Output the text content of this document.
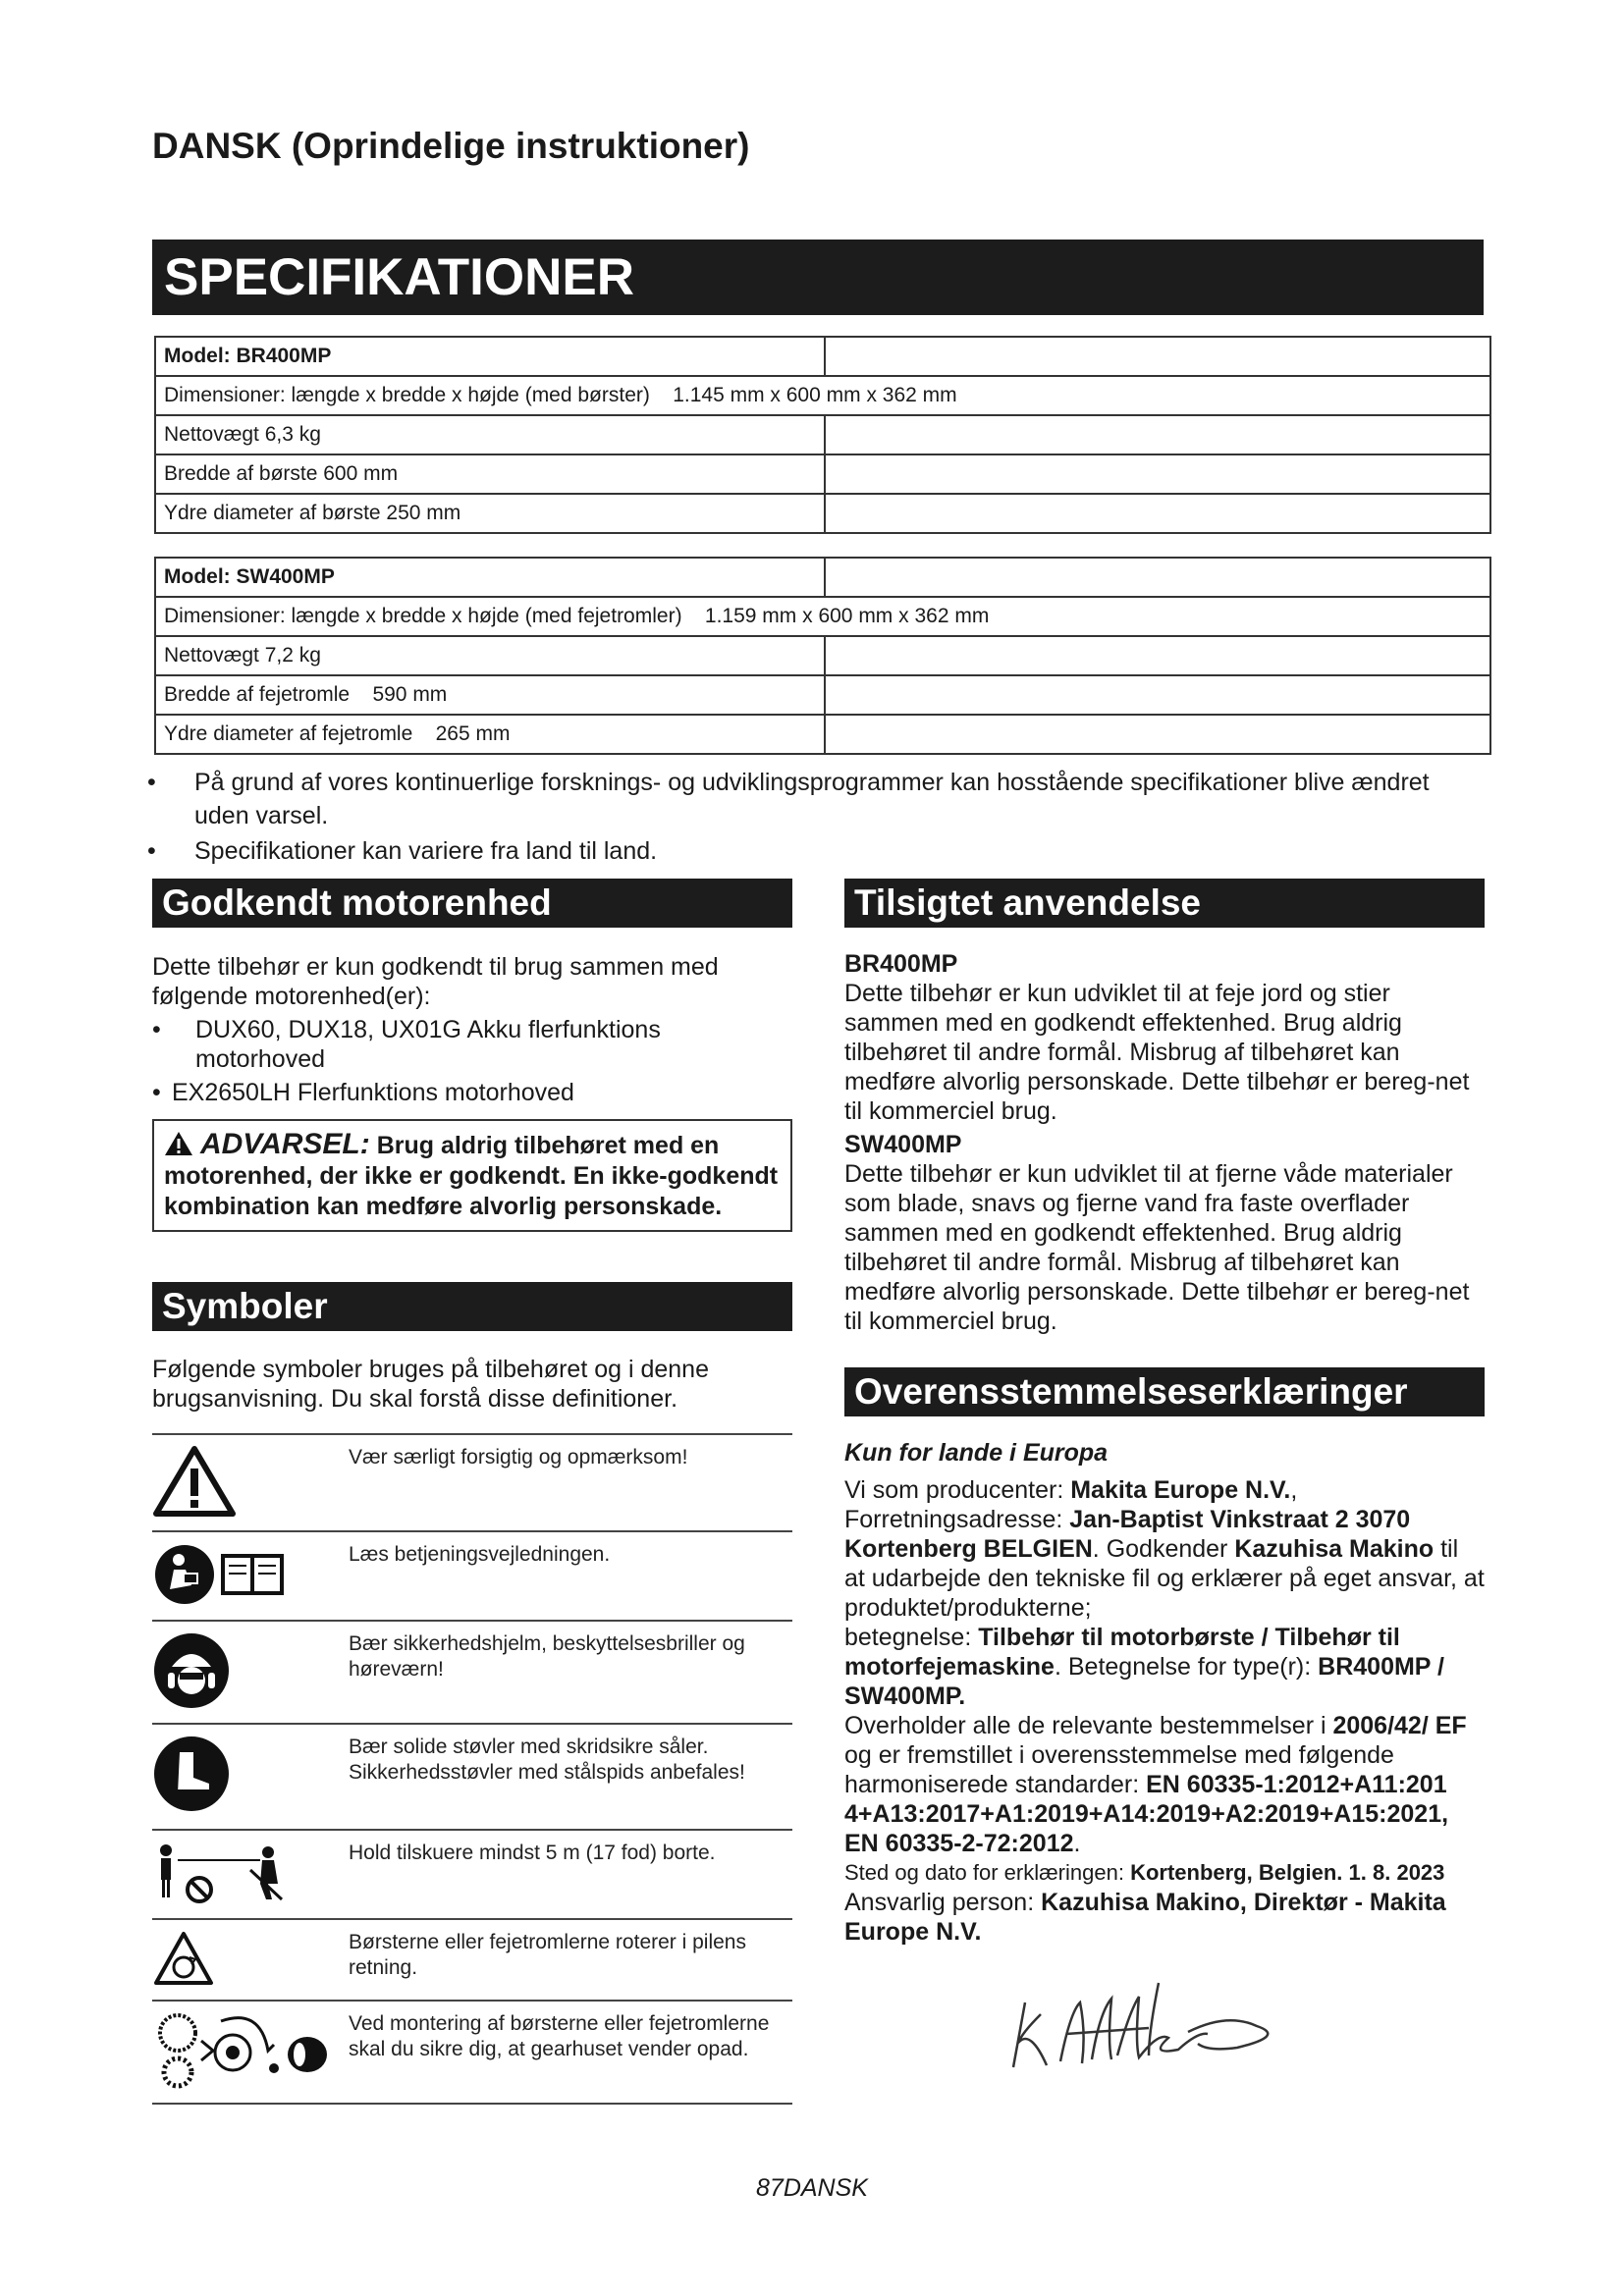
DANSK (Oprindelige instruktioner)
SPECIFIKATIONER
Model: BR400MP	
Dimensioner: længde x bredde x højde (med børster)    1.145 mm x 600 mm x 362 mm	
Nettovægt 6,3 kg	
Bredde af børste 600 mm	
Ydre diameter af børste 250 mm	
Model: SW400MP	
Dimensioner: længde x bredde x højde (med fejetromler)    1.159 mm x 600 mm x 362 mm	
Nettovægt 7,2 kg	
Bredde af fejetromle    590 mm	
Ydre diameter af fejetromle    265 mm	
• På grund af vores kontinuerlige forsknings- og udviklingsprogrammer kan hosstående specifikationer blive ændret uden varsel.
• Specifikationer kan variere fra land til land.
Godkendt motorenhed
Dette tilbehør er kun godkendt til brug sammen med følgende motorenhed(er):
• DUX60, DUX18, UX01G Akku flerfunktions motorhoved
• EX2650LH Flerfunktions motorhoved
ADVARSEL: Brug aldrig tilbehøret med en motorenhed, der ikke er godkendt. En ikke-godkendt kombination kan medføre alvorlig personskade.
Symboler
Følgende symboler bruges på tilbehøret og i denne brugsanvisning. Du skal forstå disse definitioner.
	Vær særligt forsigtig og opmærksom!
	Læs betjeningsvejledningen.
	Bær sikkerhedshjelm, beskyttelsesbriller og høreværn!
	Bær solide støvler med skridsikre såler. Sikkerhedsstøvler med stålspids anbefales!
	Hold tilskuere mindst 5 m (17 fod) borte.
	Børsterne eller fejetromlerne roterer i pilens retning.
	Ved montering af børsterne eller fejetromlerne skal du sikre dig, at gearhuset vender opad.
Tilsigtet anvendelse
BR400MP
Dette tilbehør er kun udviklet til at feje jord og stier sammen med en godkendt effektenhed. Brug aldrig tilbehøret til andre formål. Misbrug af tilbehøret kan medføre alvorlig personskade. Dette tilbehør er bereg-net til kommerciel brug.
SW400MP
Dette tilbehør er kun udviklet til at fjerne våde materialer som blade, snavs og fjerne vand fra faste overflader sammen med en godkendt effektenhed. Brug aldrig tilbehøret til andre formål. Misbrug af tilbehøret kan medføre alvorlig personskade. Dette tilbehør er bereg-net til kommerciel brug.
Overensstemmelseserklæringer
Kun for lande i Europa
Vi som producenter: Makita Europe N.V., Forretningsadresse: Jan-Baptist Vinkstraat 2 3070 Kortenberg BELGIEN. Godkender Kazuhisa Makino til at udarbejde den tekniske fil og erklærer på eget ansvar, at produktet/produkterne;
betegnelse: Tilbehør til motorbørste / Tilbehør til motorfejemaskine. Betegnelse for type(r): BR400MP / SW400MP.
Overholder alle de relevante bestemmelser i 2006/42/ EF og er fremstillet i overensstemmelse med følgende harmoniserede standarder: EN 60335-1:2012+A11:201 4+A13:2017+A1:2019+A14:2019+A2:2019+A15:2021, EN 60335-2-72:2012.
Sted og dato for erklæringen: Kortenberg, Belgien. 1. 8. 2023
Ansvarlig person: Kazuhisa Makino, Direktør - Makita Europe N.V.
87DANSK
